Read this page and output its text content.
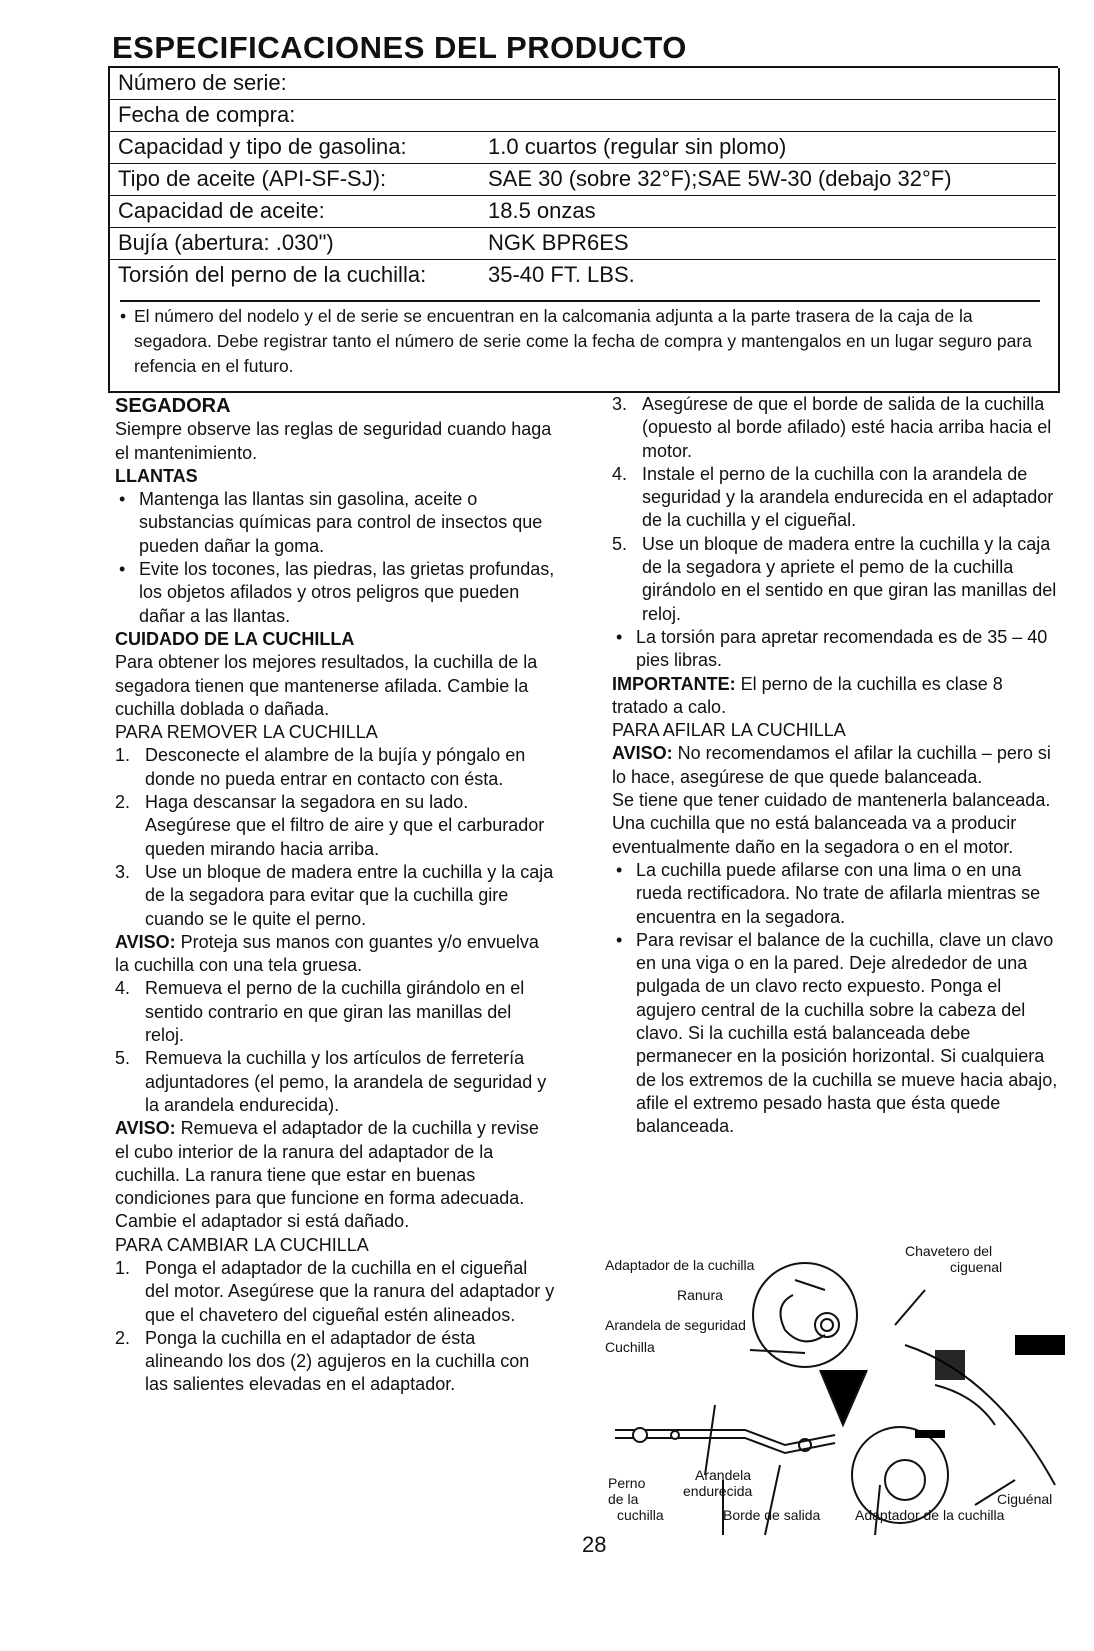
ESPECIFICACIONES DEL PRODUCTO
Número de serie:	
Fecha de compra:	
Capacidad y tipo de gasolina:	1.0 cuartos (regular sin plomo)
Tipo de aceite (API-SF-SJ):	SAE 30 (sobre 32°F);SAE 5W-30 (debajo 32°F)
Capacidad de aceite:	18.5 onzas
Bujía (abertura: .030")	NGK BPR6ES
Torsión del perno de la cuchilla:	35-40 FT. LBS.
• El número del nodelo y el de serie se encuentran en la calcomania adjunta a la parte trasera de la caja de la segadora. Debe registrar tanto el número de serie come la fecha de compra y mantengalos en un lugar seguro para refencia en el futuro.
SEGADORA
Siempre observe las reglas de seguridad cuando haga el mantenimiento.
LLANTAS
• Mantenga las llantas sin gasolina, aceite o substancias químicas para control de insectos que pueden dañar la goma.
• Evite los tocones, las piedras, las grietas profundas, los objetos afilados y otros peligros que pueden dañar a las llantas.
CUIDADO DE LA CUCHILLA
Para obtener los mejores resultados, la cuchilla de la segadora tienen que mantenerse afilada. Cambie la cuchilla doblada o dañada.
PARA REMOVER LA CUCHILLA
1. Desconecte el alambre de la bujía y póngalo en donde no pueda entrar en contacto con ésta.
2. Haga descansar la segadora en su lado. Asegúrese que el filtro de aire y que el carburador queden mirando hacia arriba.
3. Use un bloque de madera entre la cuchilla y la caja de la segadora para evitar que la cuchilla gire cuando se le quite el perno.
AVISO: Proteja sus manos con guantes y/o envuelva la cuchilla con una tela gruesa.
4. Remueva el perno de la cuchilla girándolo en el sentido contrario en que giran las manillas del reloj.
5. Remueva la cuchilla y los artículos de ferretería adjuntadores (el pemo, la arandela de seguridad y la arandela endurecida).
AVISO: Remueva el adaptador de la cuchilla y revise el cubo interior de la ranura del adaptador de la cuchilla. La ranura tiene que estar en buenas condiciones para que funcione en forma adecuada. Cambie el adaptador si está dañado.
PARA CAMBIAR LA CUCHILLA
1. Ponga el adaptador de la cuchilla en el cigueñal del motor. Asegúrese que la ranura del adaptador y que el chavetero del cigueñal estén alineados.
2. Ponga la cuchilla en el adaptador de ésta alineando los dos (2) agujeros en la cuchilla con las salientes elevadas en el adaptador.
3. Asegúrese de que el borde de salida de la cuchilla (opuesto al borde afilado) esté hacia arriba hacia el motor.
4. Instale el perno de la cuchilla con la arandela de seguridad y la arandela endurecida en el adaptador de la cuchilla y el cigueñal.
5. Use un bloque de madera entre la cuchilla y la caja de la segadora y apriete el pemo de la cuchilla girándolo en el sentido en que giran las manillas del reloj.
• La torsión para apretar recomendada es de 35 – 40 pies libras.
IMPORTANTE: El perno de la cuchilla es clase 8 tratado a calo.
PARA AFILAR LA CUCHILLA
AVISO: No recomendamos el afilar la cuchilla – pero si lo hace, asegúrese de que quede balanceada.
Se tiene que tener cuidado de mantenerla balanceada. Una cuchilla que no está balanceada va a producir eventualmente daño en la segadora o en el motor.
• La cuchilla puede afilarse con una lima o en una rueda rectificadora. No trate de afilarla mientras se encuentra en la segadora.
• Para revisar el balance de la cuchilla, clave un clavo en una viga o en la pared. Deje alrededor de una pulgada de un clavo recto expuesto. Ponga el agujero central de la cuchilla sobre la cabeza del clavo. Si la cuchilla está balanceada debe permanecer en la posición horizontal. Si cualquiera de los extremos de la cuchilla se mueve hacia abajo, afile el extremo pesado hasta que ésta quede balanceada.
Adaptador de la cuchilla
Chavetero del
ciguenal
Ranura
Arandela de seguridad
Cuchilla
Perno
de la
cuchilla
Arandela
endurecida	Ciguénal
Borde de salida Adaptador de la cuchilla
28
